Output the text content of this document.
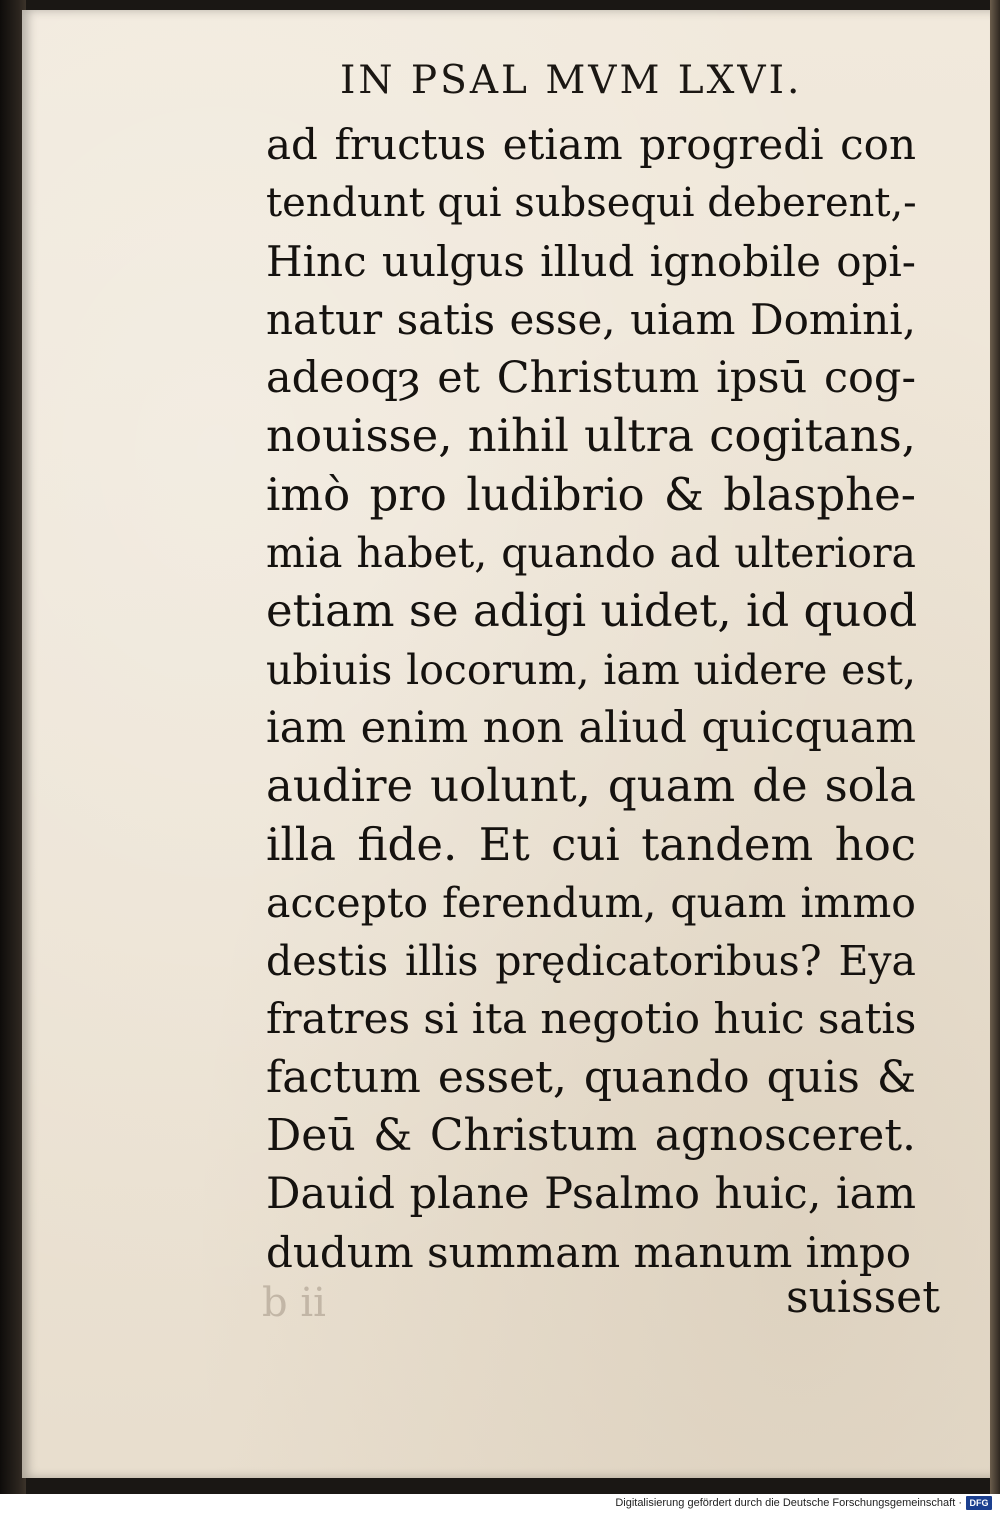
IN PSAL MVM LXVI.
ad fructus etiam progredi con
tendunt qui subsequi deberent,-
Hinc uulgus illud ignobile opi-
natur satis esse, uiam Domini,
adeoqȝ et Christum ipsū cog-
nouisse, nihil ultra cogitans,
imò pro ludibrio & blasphe-
mia habet, quando ad ulteriora
etiam se adigi uidet, id quod
ubiuis locorum, iam uidere est,
iam enim non aliud quicquam
audire uolunt, quam de sola
illa fide. Et cui tandem hoc
accepto ferendum, quam immo
destis illis prędicatoribus? Eya
fratres si ita negotio huic satis
factum esset, quando quis &
Deū & Christum agnosceret.
Dauid plane Psalmo huic, iam
dudum summam manum impo
b ii	suisset
Digitalisierung gefördert durch die Deutsche Forschungsgemeinschaft · DFG
